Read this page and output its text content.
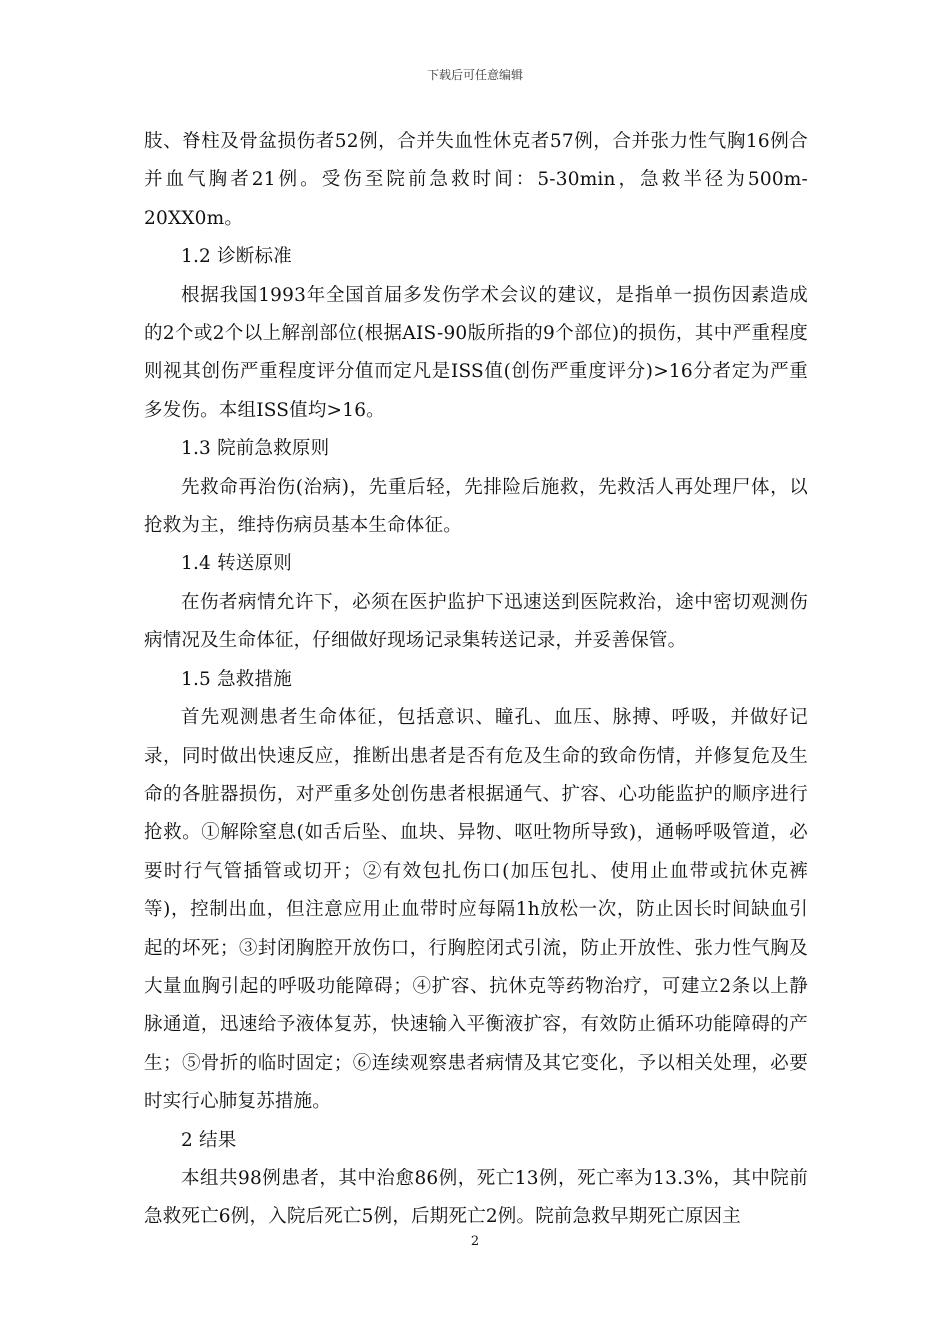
下载后可任意编辑

肢、脊柱及骨盆损伤者52例，合并失血性休克者57例，合并张力性气胸16例合并血气胸者21例。受伤至院前急救时间：5-30min，急救半径为500m-20XX0m。

1.2 诊断标准

根据我国1993年全国首届多发伤学术会议的建议，是指单一损伤因素造成的2个或2个以上解剖部位(根据AIS-90版所指的9个部位)的损伤，其中严重程度则视其创伤严重程度评分值而定凡是ISS值(创伤严重度评分)>16分者定为严重多发伤。本组ISS值均>16。

1.3 院前急救原则

先救命再治伤(治病)，先重后轻，先排险后施救，先救活人再处理尸体，以抢救为主，维持伤病员基本生命体征。

1.4 转送原则

在伤者病情允许下，必须在医护监护下迅速送到医院救治，途中密切观测伤病情况及生命体征，仔细做好现场记录集转送记录，并妥善保管。

1.5 急救措施

首先观测患者生命体征，包括意识、瞳孔、血压、脉搏、呼吸，并做好记录，同时做出快速反应，推断出患者是否有危及生命的致命伤情，并修复危及生命的各脏器损伤，对严重多处创伤患者根据通气、扩容、心功能监护的顺序进行抢救。①解除窒息(如舌后坠、血块、异物、呕吐物所导致)，通畅呼吸管道，必要时行气管插管或切开；②有效包扎伤口(加压包扎、使用止血带或抗休克裤等)，控制出血，但注意应用止血带时应每隔1h放松一次，防止因长时间缺血引起的坏死；③封闭胸腔开放伤口，行胸腔闭式引流，防止开放性、张力性气胸及大量血胸引起的呼吸功能障碍；④扩容、抗休克等药物治疗，可建立2条以上静脉通道，迅速给予液体复苏，快速输入平衡液扩容，有效防止循环功能障碍的产生；⑤骨折的临时固定；⑥连续观察患者病情及其它变化，予以相关处理，必要时实行心肺复苏措施。

2 结果

本组共98例患者，其中治愈86例，死亡13例，死亡率为13.3%，其中院前急救死亡6例，入院后死亡5例，后期死亡2例。院前急救早期死亡原因主

2
